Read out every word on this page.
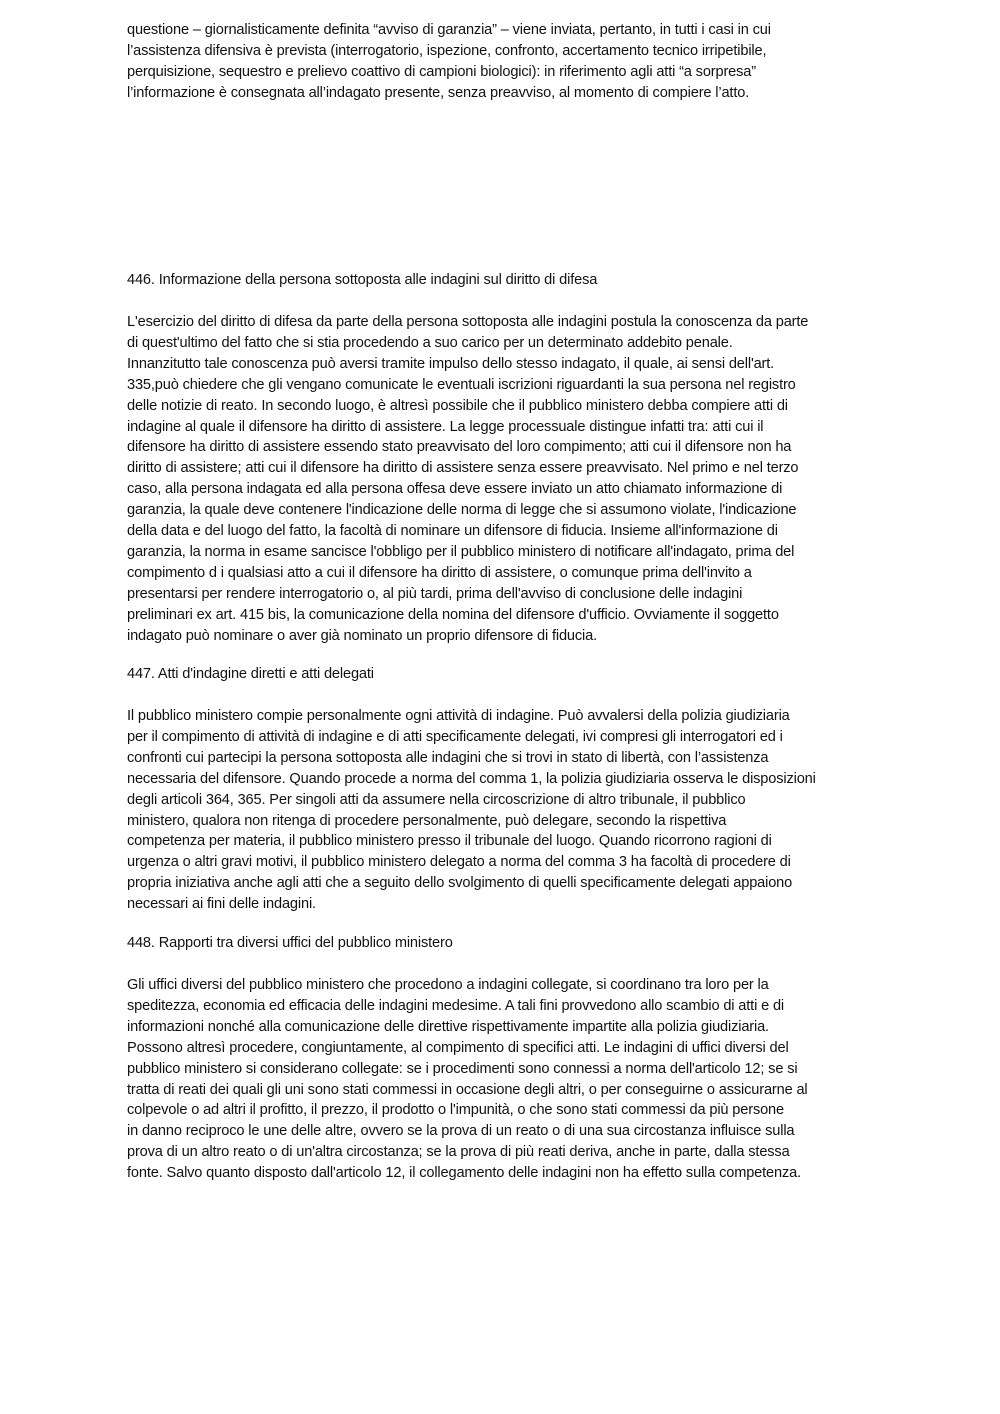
questione – giornalisticamente definita “avviso di garanzia” – viene inviata, pertanto, in tutti i casi in cui
l’assistenza difensiva è prevista (interrogatorio, ispezione, confronto, accertamento tecnico irripetibile,
perquisizione, sequestro e prelievo coattivo di campioni biologici): in riferimento agli atti “a sorpresa”
l’informazione è consegnata all’indagato presente, senza preavviso, al momento di compiere l’atto.
446. Informazione della persona sottoposta alle indagini sul diritto di difesa
L'esercizio del diritto di difesa da parte della persona sottoposta alle indagini postula la conoscenza da parte
di quest'ultimo del fatto che si stia procedendo a suo carico per un determinato addebito penale.
Innanzitutto tale conoscenza può aversi tramite impulso dello stesso indagato, il quale, ai sensi dell'art.
335,può chiedere che gli vengano comunicate le eventuali iscrizioni riguardanti la sua persona nel registro
delle notizie di reato. In secondo luogo, è altresì possibile che il pubblico ministero debba compiere atti di
indagine al quale il difensore ha diritto di assistere. La legge processuale distingue infatti tra: atti cui il
difensore ha diritto di assistere essendo stato preavvisato del loro compimento; atti cui il difensore non ha
diritto di assistere; atti cui il difensore ha diritto di assistere senza essere preavvisato. Nel primo e nel terzo
caso, alla persona indagata ed alla persona offesa deve essere inviato un atto chiamato informazione di
garanzia, la quale deve contenere l'indicazione delle norma di legge che si assumono violate, l'indicazione
della data e del luogo del fatto, la facoltà di nominare un difensore di fiducia. Insieme all'informazione di
garanzia, la norma in esame sancisce l'obbligo per il pubblico ministero di notificare all'indagato, prima del
compimento d i qualsiasi atto a cui il difensore ha diritto di assistere, o comunque prima dell'invito a
presentarsi per rendere interrogatorio o, al più tardi, prima dell'avviso di conclusione delle indagini
preliminari ex art. 415 bis, la comunicazione della nomina del difensore d'ufficio. Ovviamente il soggetto
indagato può nominare o aver già nominato un proprio difensore di fiducia.
447. Atti d'indagine diretti e atti delegati
Il pubblico ministero compie personalmente ogni attività di indagine. Può avvalersi della polizia giudiziaria
per il compimento di attività di indagine e di atti specificamente delegati, ivi compresi gli interrogatori ed i
confronti cui partecipi la persona sottoposta alle indagini che si trovi in stato di libertà, con l’assistenza
necessaria del difensore. Quando procede a norma del comma 1, la polizia giudiziaria osserva le disposizioni
degli articoli 364, 365. Per singoli atti da assumere nella circoscrizione di altro tribunale, il pubblico
ministero, qualora non ritenga di procedere personalmente, può delegare, secondo la rispettiva
competenza per materia, il pubblico ministero presso il tribunale del luogo. Quando ricorrono ragioni di
urgenza o altri gravi motivi, il pubblico ministero delegato a norma del comma 3 ha facoltà di procedere di
propria iniziativa anche agli atti che a seguito dello svolgimento di quelli specificamente delegati appaiono
necessari ai fini delle indagini.
448. Rapporti tra diversi uffici del pubblico ministero
Gli uffici diversi del pubblico ministero che procedono a indagini collegate, si coordinano tra loro per la
speditezza, economia ed efficacia delle indagini medesime. A tali fini provvedono allo scambio di atti e di
informazioni nonché alla comunicazione delle direttive rispettivamente impartite alla polizia giudiziaria.
Possono altresì procedere, congiuntamente, al compimento di specifici atti. Le indagini di uffici diversi del
pubblico ministero si considerano collegate: se i procedimenti sono connessi a norma dell'articolo 12; se si
tratta di reati dei quali gli uni sono stati commessi in occasione degli altri, o per conseguirne o assicurarne al
colpevole o ad altri il profitto, il prezzo, il prodotto o l'impunità, o che sono stati commessi da più persone
in danno reciproco le une delle altre, ovvero se la prova di un reato o di una sua circostanza influisce sulla
prova di un altro reato o di un'altra circostanza; se la prova di più reati deriva, anche in parte, dalla stessa
fonte. Salvo quanto disposto dall'articolo 12, il collegamento delle indagini non ha effetto sulla competenza.
